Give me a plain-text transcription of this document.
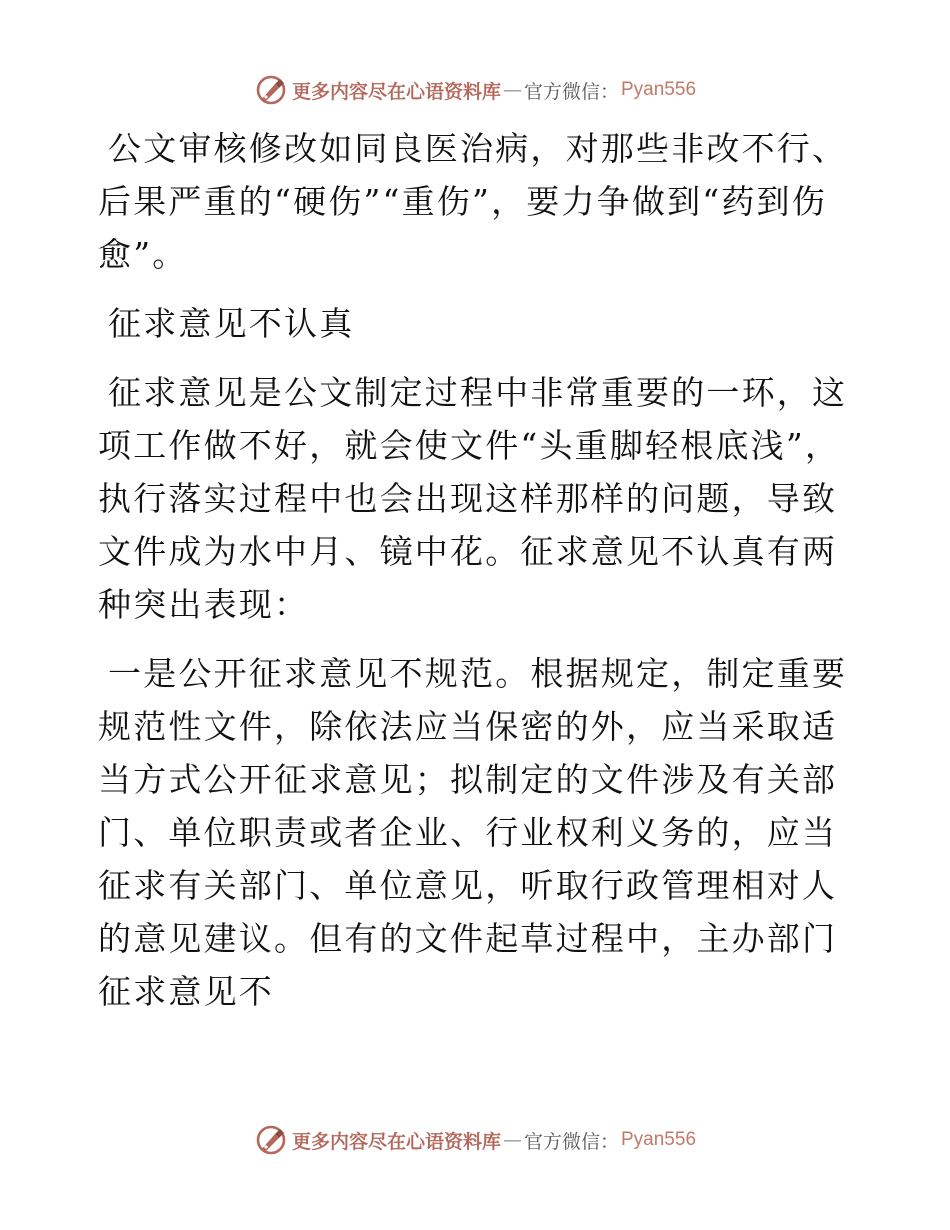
更多内容尽在心语资料库 — 官方微信： Pyan556

公文审核修改如同良医治病，对那些非改不行、后果严重的“硬伤”“重伤”，要力争做到“药到伤愈”。

征求意见不认真

征求意见是公文制定过程中非常重要的一环，这项工作做不好，就会使文件“头重脚轻根底浅”，执行落实过程中也会出现这样那样的问题，导致文件成为水中月、镜中花。征求意见不认真有两种突出表现：

一是公开征求意见不规范。根据规定，制定重要规范性文件，除依法应当保密的外，应当采取适当方式公开征求意见；拟制定的文件涉及有关部门、单位职责或者企业、行业权利义务的，应当征求有关部门、单位意见，听取行政管理相对人的意见建议。但有的文件起草过程中，主办部门征求意见不

更多内容尽在心语资料库 — 官方微信： Pyan556
